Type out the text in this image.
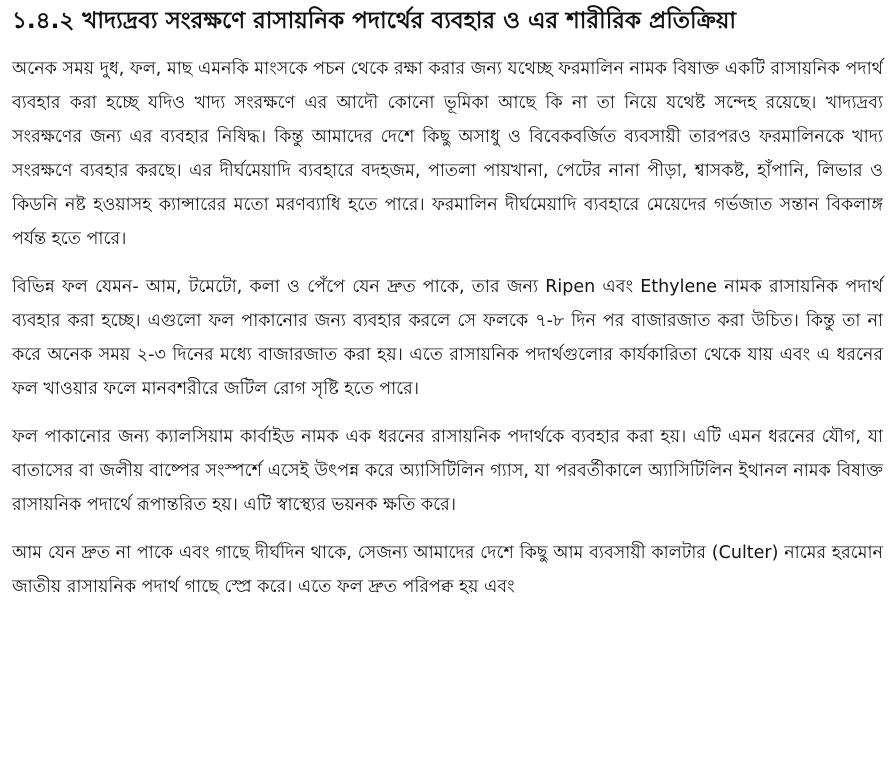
১.৪.২ খাদ্যদ্রব্য সংরক্ষণে রাসায়নিক পদার্থের ব্যবহার ও এর শারীরিক প্রতিক্রিয়া

অনেক সময় দুধ, ফল, মাছ এমনকি মাংসকে পচন থেকে রক্ষা করার জন্য যথেচ্ছ ফরমালিন নামক বিষাক্ত একটি রাসায়নিক পদার্থ ব্যবহার করা হচ্ছে যদিও খাদ্য সংরক্ষণে এর আদৌ কোনো ভূমিকা আছে কি না তা নিয়ে যথেষ্ট সন্দেহ রয়েছে। খাদ্যদ্রব্য সংরক্ষণের জন্য এর ব্যবহার নিষিদ্ধ। কিন্তু আমাদের দেশে কিছু অসাধু ও বিবেকবর্জিত ব্যবসায়ী তারপরও ফরমালিনকে খাদ্য সংরক্ষণে ব্যবহার করছে। এর দীর্ঘমেয়াদি ব্যবহারে বদহজম, পাতলা পায়খানা, পেটের নানা পীড়া, শ্বাসকষ্ট, হাঁপানি, লিভার ও কিডনি নষ্ট হওয়াসহ ক্যান্সারের মতো মরণব্যাধি হতে পারে। ফরমালিন দীর্ঘমেয়াদি ব্যবহারে মেয়েদের গর্ভজাত সন্তান বিকলাঙ্গ পর্যন্ত হতে পারে।

বিভিন্ন ফল যেমন- আম, টমেটো, কলা ও পেঁপে যেন দ্রুত পাকে, তার জন্য Ripen এবং Ethylene নামক রাসায়নিক পদার্থ ব্যবহার করা হচ্ছে। এগুলো ফল পাকানোর জন্য ব্যবহার করলে সে ফলকে ৭-৮ দিন পর বাজারজাত করা উচিত। কিন্তু তা না করে অনেক সময় ২-৩ দিনের মধ্যে বাজারজাত করা হয়। এতে রাসায়নিক পদার্থগুলোর কার্যকারিতা থেকে যায় এবং এ ধরনের ফল খাওয়ার ফলে মানবশরীরে জটিল রোগ সৃষ্টি হতে পারে।

ফল পাকানোর জন্য ক্যালসিয়াম কার্বাইড নামক এক ধরনের রাসায়নিক পদার্থকে ব্যবহার করা হয়। এটি এমন ধরনের যৌগ, যা বাতাসের বা জলীয় বাষ্পের সংস্পর্শে এসেই উৎপন্ন করে অ্যাসিটিলিন গ্যাস, যা পরবর্তীকালে অ্যাসিটিলিন ইথানল নামক বিষাক্ত রাসায়নিক পদার্থে রূপান্তরিত হয়। এটি স্বাস্থ্যের ভয়নক ক্ষতি করে।

আম যেন দ্রুত না পাকে এবং গাছে দীর্ঘদিন থাকে, সেজন্য আমাদের দেশে কিছু আম ব্যবসায়ী কালটার (Culter) নামের হরমোন জাতীয় রাসায়নিক পদার্থ গাছে স্প্রে করে। এতে ফল দ্রুত পরিপক্ব হয় এবং
